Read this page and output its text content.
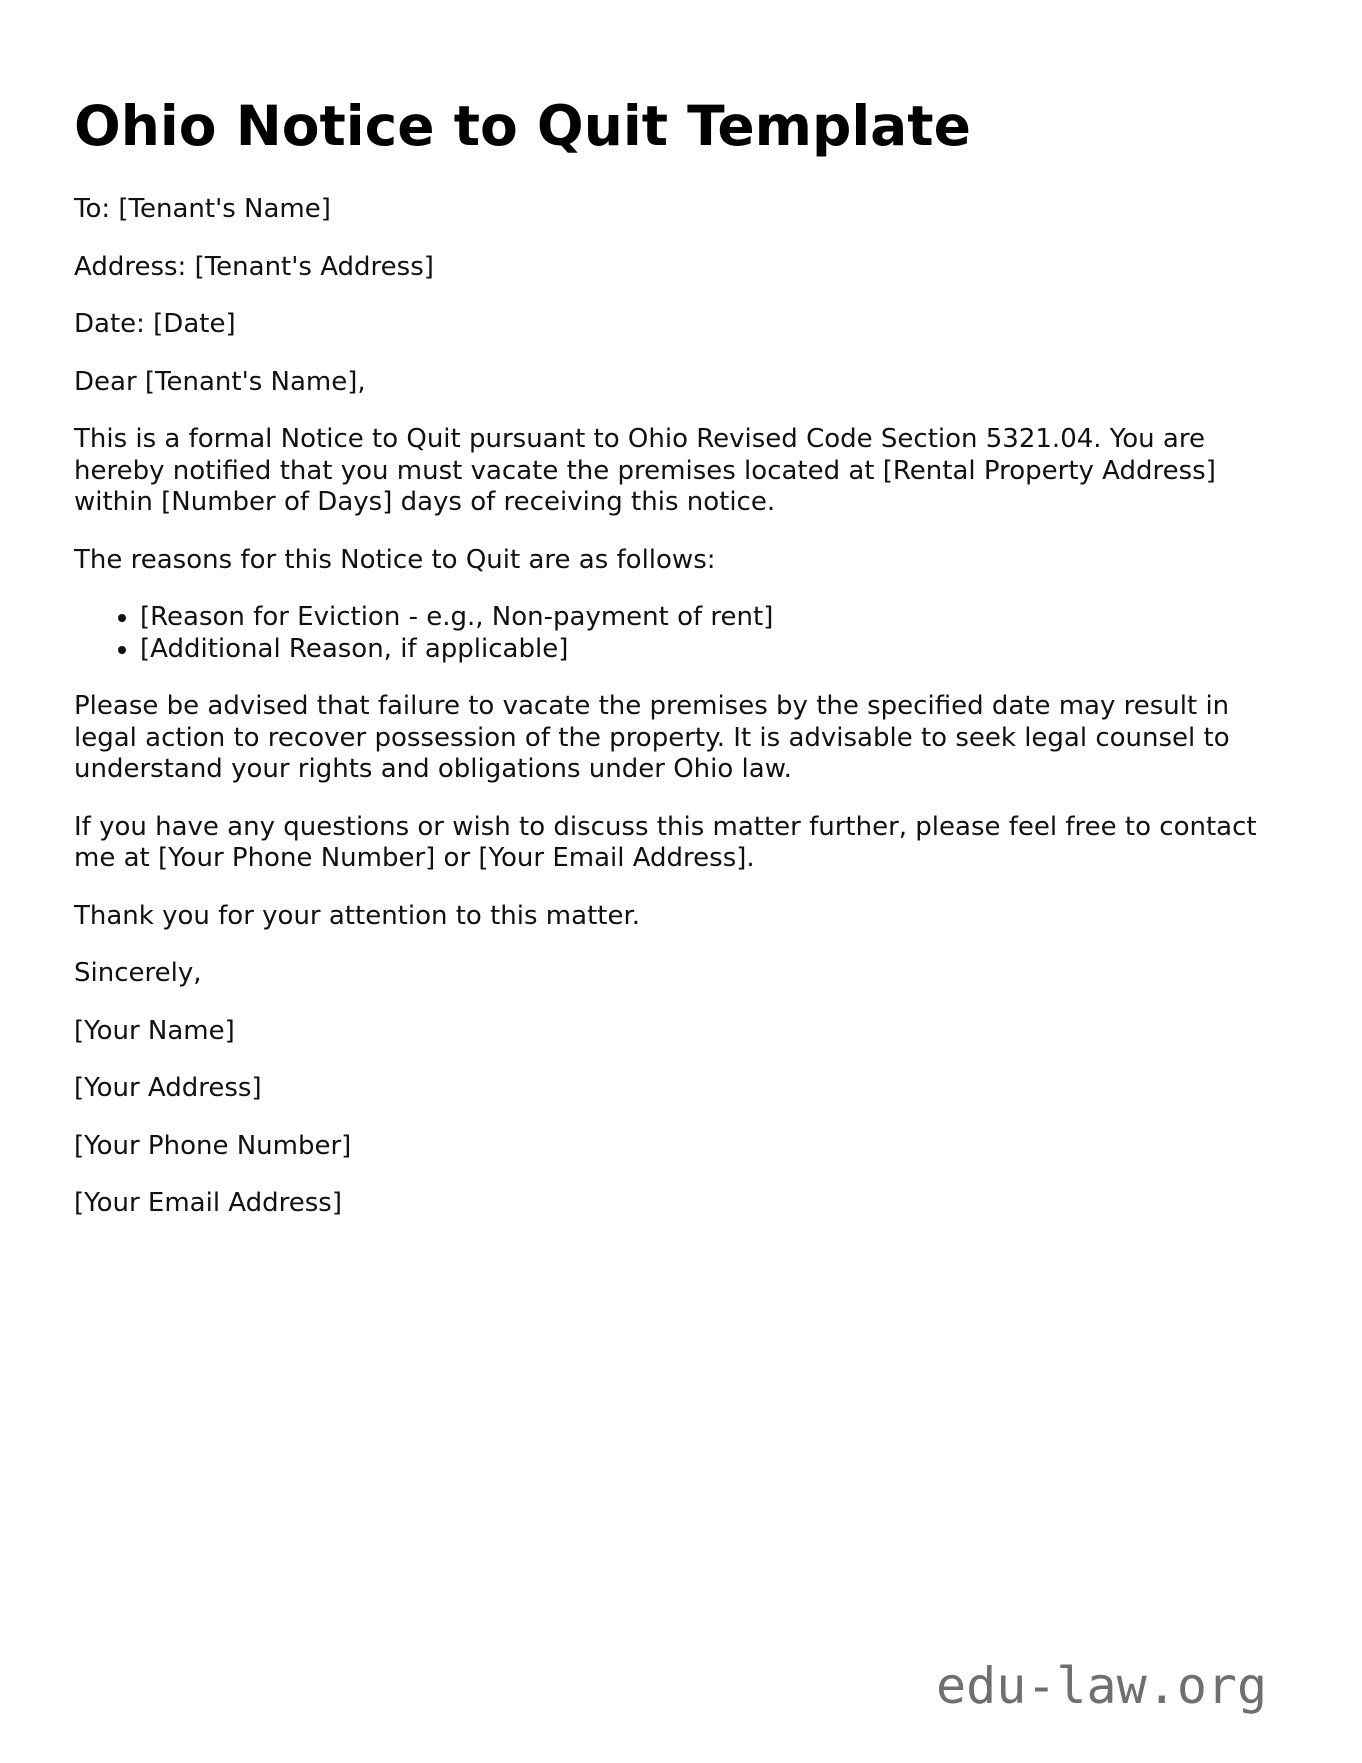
Ohio Notice to Quit Template

To: [Tenant's Name]

Address: [Tenant's Address]

Date: [Date]

Dear [Tenant's Name],

This is a formal Notice to Quit pursuant to Ohio Revised Code Section 5321.04. You are hereby notified that you must vacate the premises located at [Rental Property Address] within [Number of Days] days of receiving this notice.

The reasons for this Notice to Quit are as follows:

• [Reason for Eviction - e.g., Non-payment of rent]
• [Additional Reason, if applicable]

Please be advised that failure to vacate the premises by the specified date may result in legal action to recover possession of the property. It is advisable to seek legal counsel to understand your rights and obligations under Ohio law.

If you have any questions or wish to discuss this matter further, please feel free to contact me at [Your Phone Number] or [Your Email Address].

Thank you for your attention to this matter.

Sincerely,

[Your Name]

[Your Address]

[Your Phone Number]

[Your Email Address]

edu-law.org
